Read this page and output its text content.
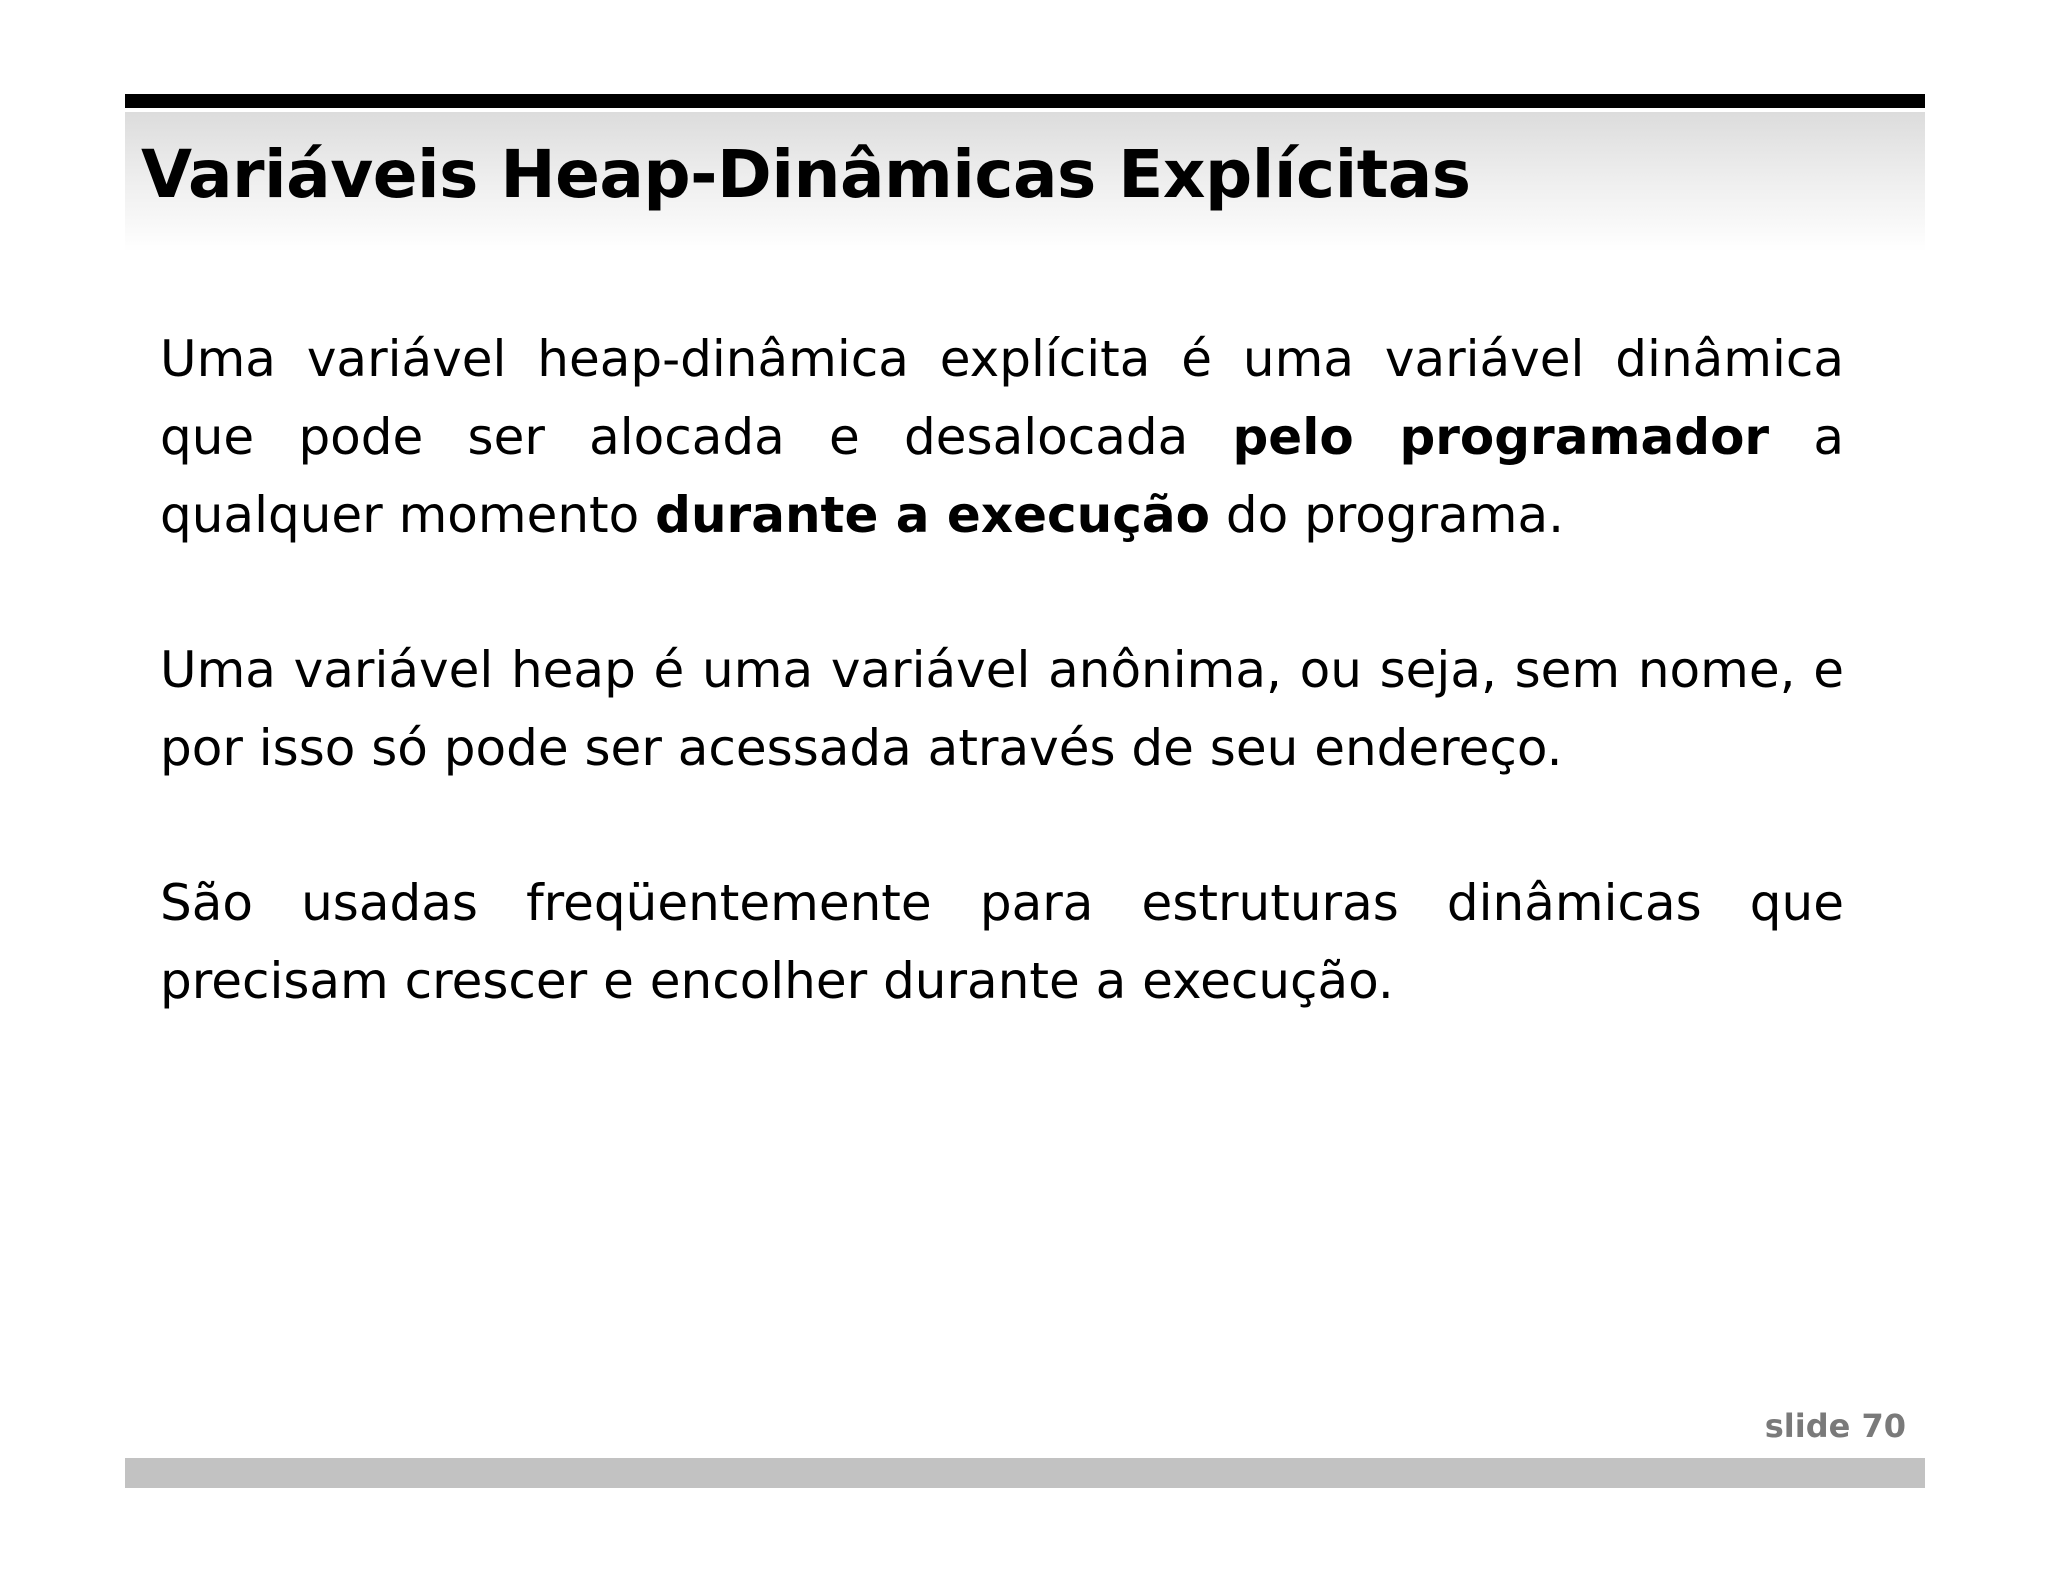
Variáveis Heap-Dinâmicas Explícitas

Uma variável heap-dinâmica explícita é uma variável dinâmica que pode ser alocada e desalocada pelo programador a qualquer momento durante a execução do programa.

Uma variável heap é uma variável anônima, ou seja, sem nome, e por isso só pode ser acessada através de seu endereço.

São usadas freqüentemente para estruturas dinâmicas que precisam crescer e encolher durante a execução.

slide 70
